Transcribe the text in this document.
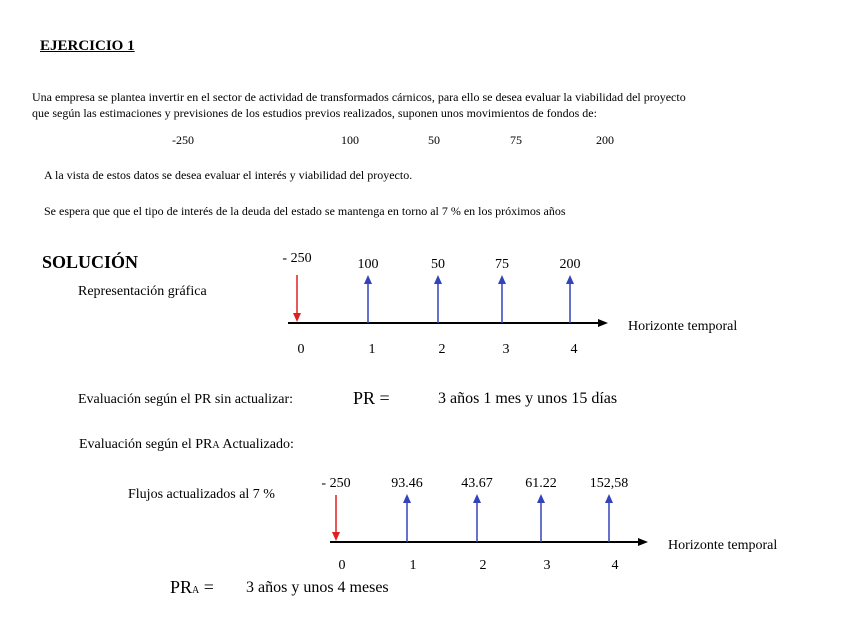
EJERCICIO 1
Una empresa se plantea invertir en el sector de actividad de transformados cárnicos, para ello se desea evaluar la viabilidad del proyecto
que según las estimaciones y previsiones de los estudios previos realizados, suponen unos movimientos de fondos de:
-250	100	50	75	200
A la vista de estos datos se desea evaluar el interés y viabilidad del proyecto.
Se espera que que el tipo de interés de la deuda del estado se mantenga en torno al 7 % en los próximos años
SOLUCIÓN
Representación gráfica
Evaluación según el PR sin actualizar:	PR =	3 años 1 mes y unos 15 días
Evaluación según el PRA Actualizado:
Flujos actualizados al 7 %
PRA = 3 años y unos 4 meses
Horizonte temporal
- 250
0
100
1
50
2
75
3
200
4
Horizonte temporal
- 250
0
93.46
1
43.67
2
61.22
3
152,58
4
